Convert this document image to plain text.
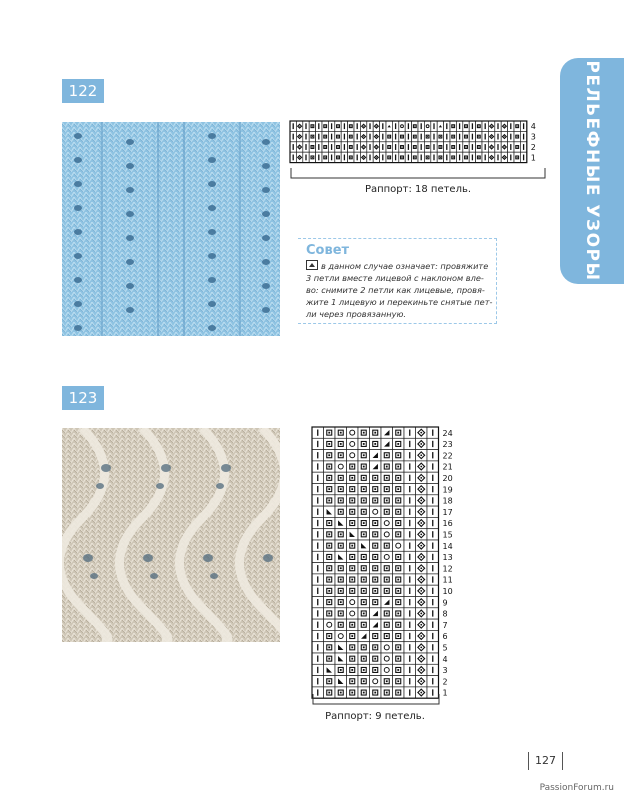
РЕЛЬЕФНЫЕ УЗОРЫ
122
4
3
2
1
Раппорт: 18 петель.
Совет
в данном случае означает: провяжите 3 петли вместе лицевой с наклоном вле-во: снимите 2 петли как лицевые, провя-жите 1 лицевую и перекиньте снятые пет-ли через провязанную.
123
24
23
22
21
20
19
18
17
16
15
14
13
12
11
10
9
8
7
6
5
4
3
2
1
Раппорт: 9 петель.
127
PassionForum.ru
